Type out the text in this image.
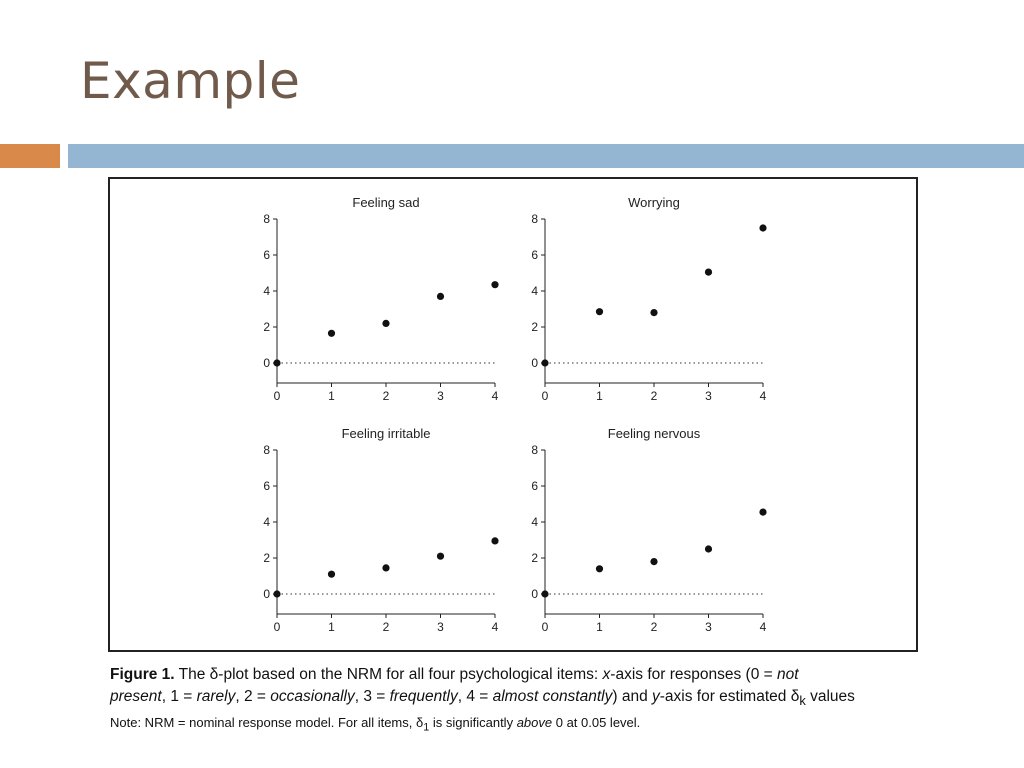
Example
Feeling sad
0
2
4
6
8
0	1	2	3	4
Worrying
0
2
4
6
8
0	1	2	3	4
Feeling irritable
0
2
4
6
8
0	1	2	3	4
Feeling nervous
0
2
4
6
8
0	1	2	3	4
Figure 1. The δ-plot based on the NRM for all four psychological items: x-axis for responses (0 = not
present, 1 = rarely, 2 = occasionally, 3 = frequently, 4 = almost constantly) and y-axis for estimated $\delta_k$ values
Note: NRM = nominal response model. For all items, $\delta_1$ is significantly above 0 at 0.05 level.
